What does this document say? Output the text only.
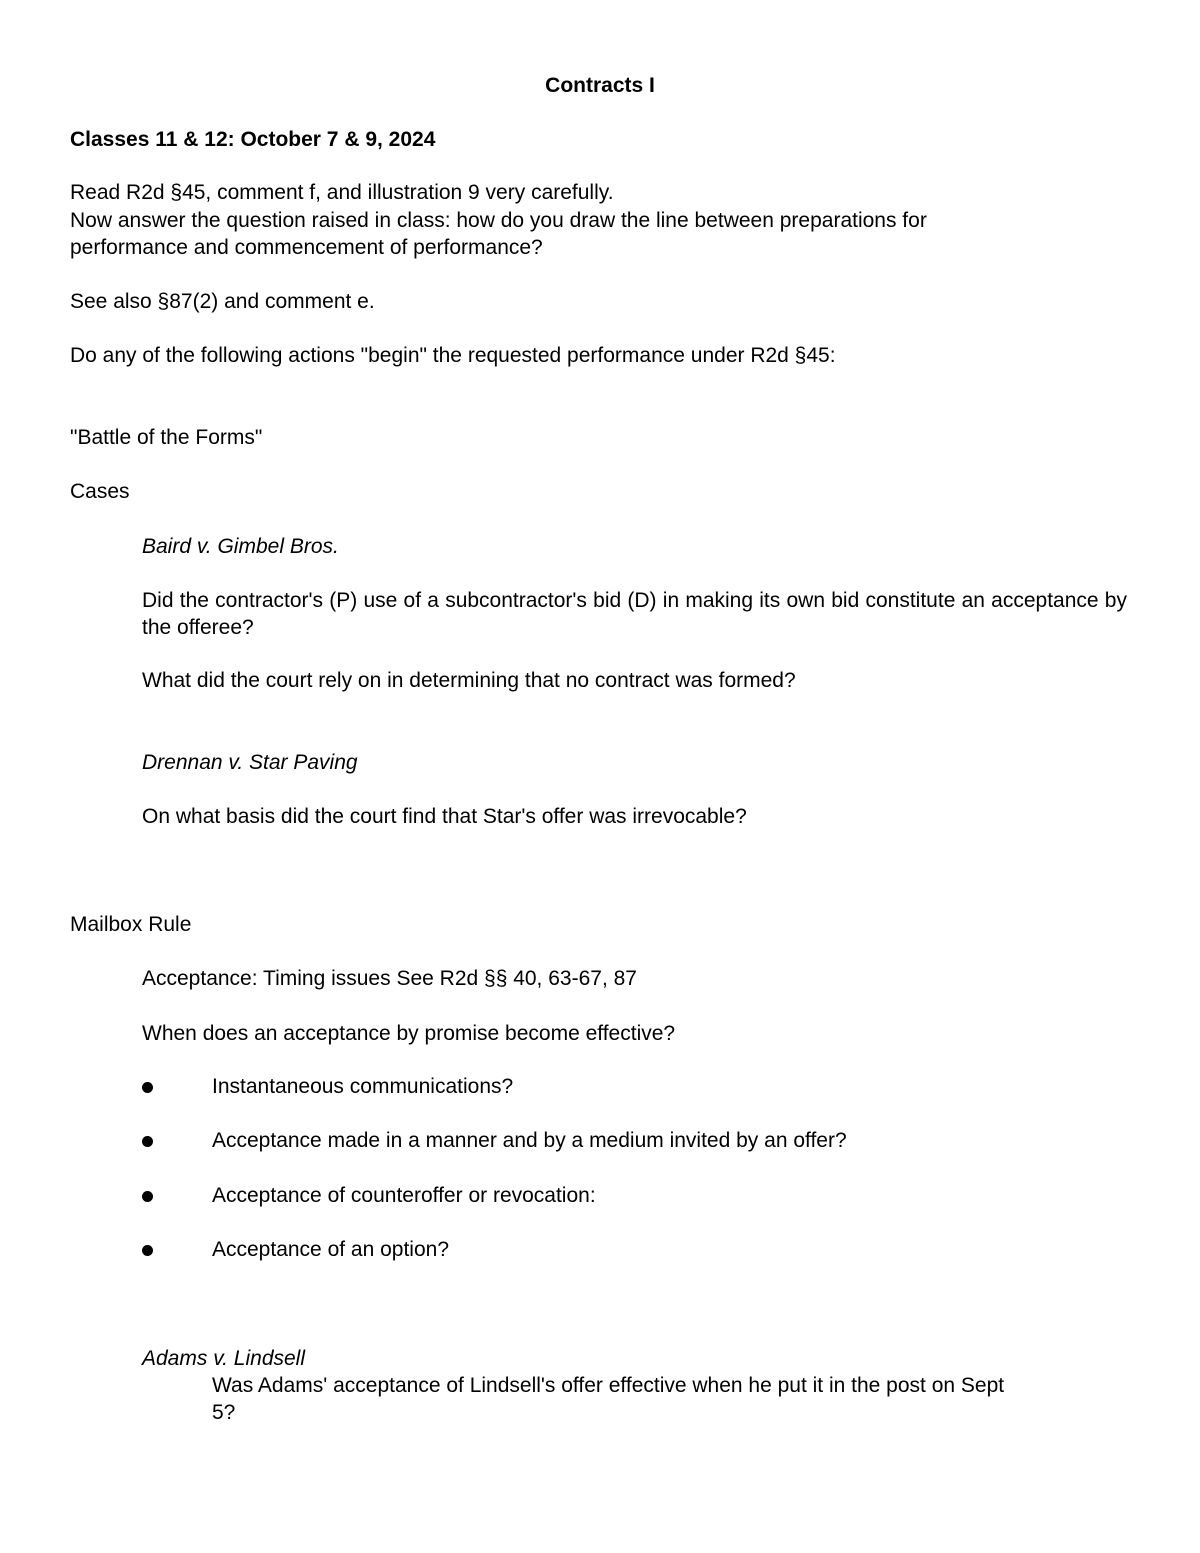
Contracts I

Classes 11 & 12: October 7 & 9, 2024

Read R2d §45, comment f, and illustration 9 very carefully.

Now answer the question raised in class: how do you draw the line between preparations for

performance and commencement of performance?

See also §87(2) and comment e.

Do any of the following actions "begin" the requested performance under R2d §45:

"Battle of the Forms"

Cases

Baird v. Gimbel Bros.

Did the contractor's (P) use of a subcontractor's bid (D) in making its own bid constitute an acceptance by the offeree?

What did the court rely on in determining that no contract was formed?

Drennan v. Star Paving

On what basis did the court find that Star's offer was irrevocable?

Mailbox Rule

Acceptance: Timing issues See R2d §§ 40, 63-67, 87

When does an acceptance by promise become effective?

Instantaneous communications?

Acceptance made in a manner and by a medium invited by an offer?

Acceptance of counteroffer or revocation:

Acceptance of an option?

Adams v. Lindsell

Was Adams' acceptance of Lindsell's offer effective when he put it in the post on Sept

5?
